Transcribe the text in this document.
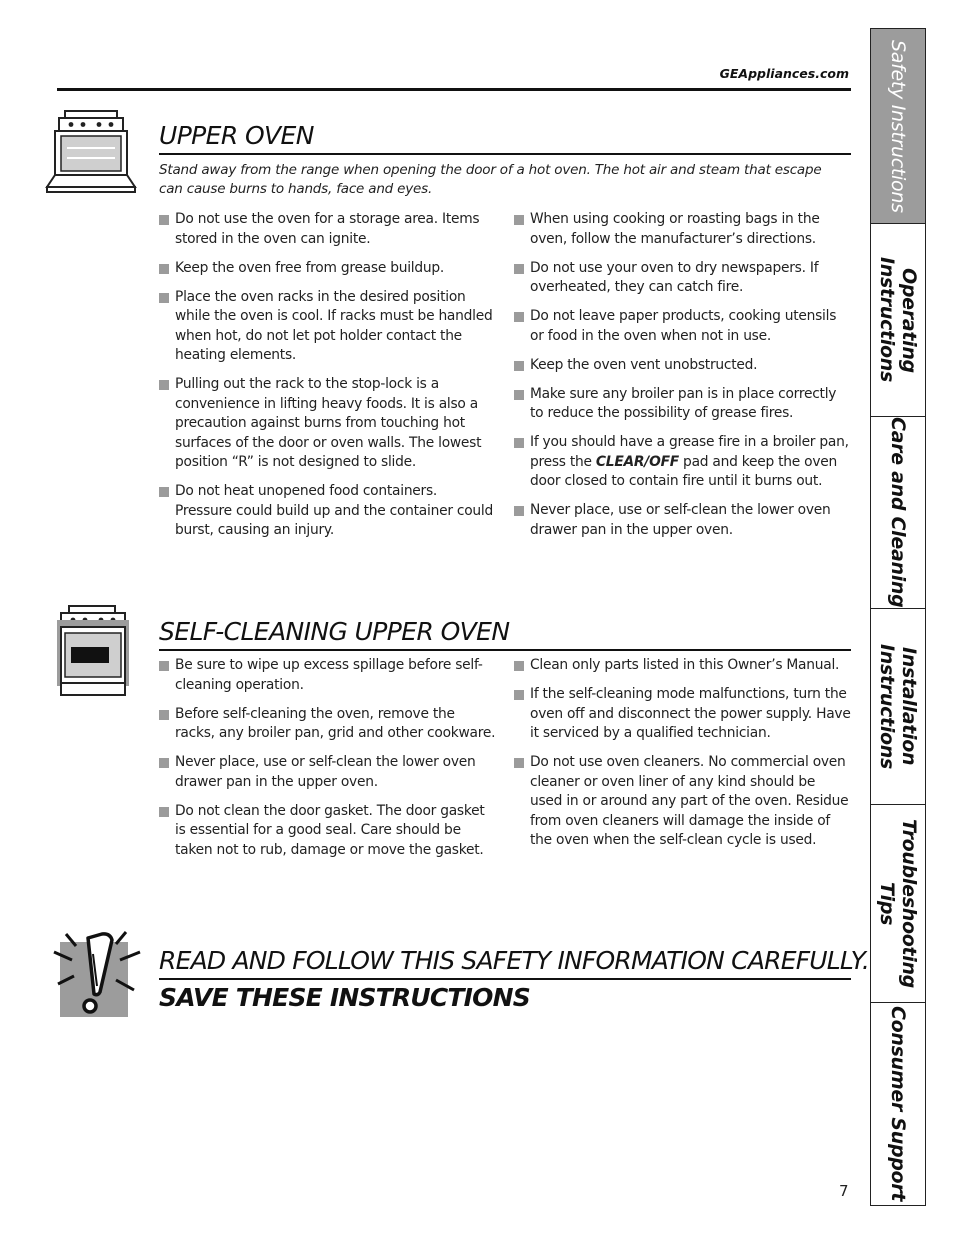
GEAppliances.com
UPPER OVEN
Stand away from the range when opening the door of a hot oven. The hot air and steam that escape can cause burns to hands, face and eyes.
Do not use the oven for a storage area. Items stored in the oven can ignite.
Keep the oven free from grease buildup.
Place the oven racks in the desired position while the oven is cool. If racks must be handled when hot, do not let pot holder contact the heating elements.
Pulling out the rack to the stop-lock is a convenience in lifting heavy foods. It is also a precaution against burns from touching hot surfaces of the door or oven walls. The lowest position “R” is not designed to slide.
Do not heat unopened food containers. Pressure could build up and the container could burst, causing an injury.
When using cooking or roasting bags in the oven, follow the manufacturer’s directions.
Do not use your oven to dry newspapers. If overheated, they can catch fire.
Do not leave paper products, cooking utensils or food in the oven when not in use.
Keep the oven vent unobstructed.
Make sure any broiler pan is in place correctly to reduce the possibility of grease fires.
If you should have a grease fire in a broiler pan, press the CLEAR/OFF pad and keep the oven door closed to contain fire until it burns out.
Never place, use or self-clean the lower oven drawer pan in the upper oven.
SELF-CLEANING UPPER OVEN
Be sure to wipe up excess spillage before self-cleaning operation.
Before self-cleaning the oven, remove the racks, any broiler pan, grid and other cookware.
Never place, use or self-clean the lower oven drawer pan in the upper oven.
Do not clean the door gasket. The door gasket is essential for a good seal. Care should be taken not to rub, damage or move the gasket.
Clean only parts listed in this Owner’s Manual.
If the self-cleaning mode malfunctions, turn the oven off and disconnect the power supply. Have it serviced by a qualified technician.
Do not use oven cleaners. No commercial oven cleaner or oven liner of any kind should be used in or around any part of the oven. Residue from oven cleaners will damage the inside of the oven when the self-clean cycle is used.
READ AND FOLLOW THIS SAFETY INFORMATION CAREFULLY.
SAVE THESE INSTRUCTIONS
7
Safety Instructions
Operating
Instructions
Care and Cleaning
Installation
Instructions
Troubleshooting
Tips
Consumer Support
